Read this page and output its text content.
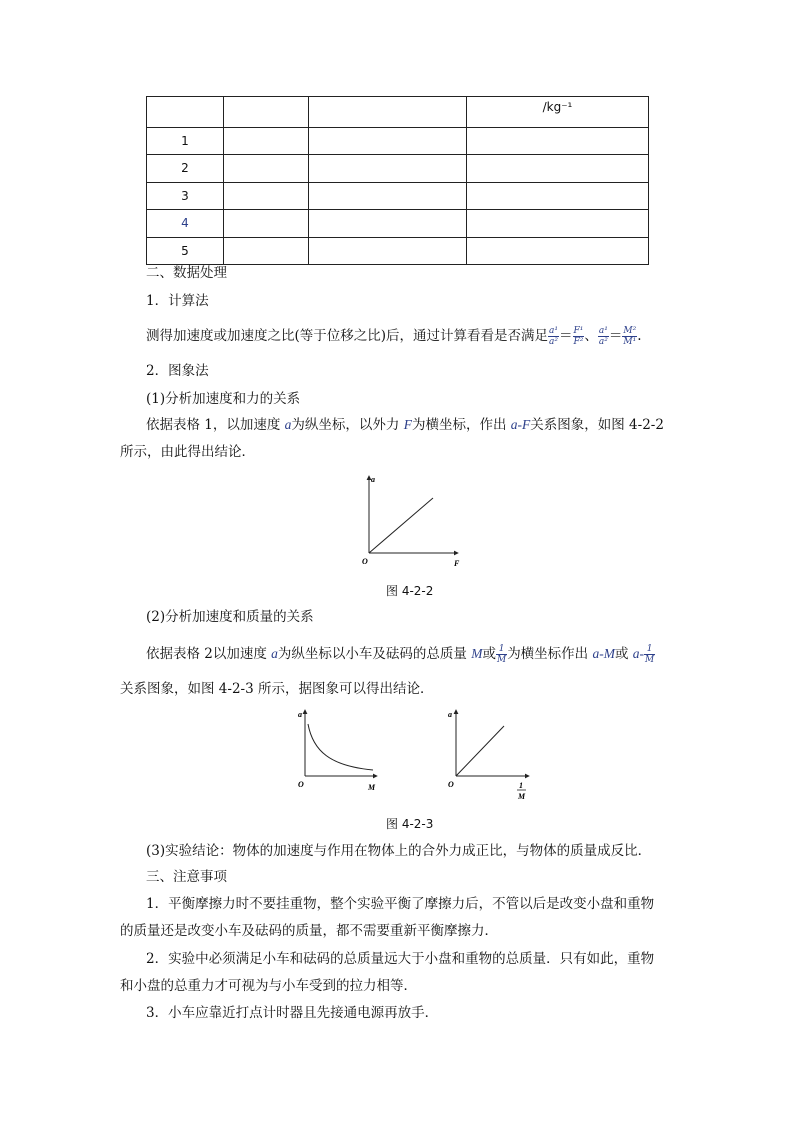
			/kg⁻¹
1			
2			
3			
4			
5			
二、数据处理
1．计算法
测得加速度或加速度之比(等于位移之比)后，通过计算看看是否满足 $\frac{\text{a¹}}{\text{a²}} = \frac{\text{F¹}}{\text{F²}}$ 、 $\frac{\text{a¹}}{\text{a²}} = \frac{\text{M²}}{\text{M¹}}$ .
2．图象法
(1)分析加速度和力的关系
依据表格 1，以加速度 a为纵坐标，以外力 F为横坐标，作出 a-F关系图象，如图 4-2-2
所示，由此得出结论．
a
F
O
图 4-2-2
(2)分析加速度和质量的关系
依据表格 2以加速度 a为纵坐标以小车及砝码的总质量 M或 $\frac{1}{M}$ 为横坐标作出 a-M或 $a- \frac{1}{M}$
关系图象，如图 4-2-3 所示，据图象可以得出结论．
a
M
O
a
O	1
M
图 4-2-3
(3)实验结论：物体的加速度与作用在物体上的合外力成正比，与物体的质量成反比．
三、注意事项
1．平衡摩擦力时不要挂重物，整个实验平衡了摩擦力后，不管以后是改变小盘和重物
的质量还是改变小车及砝码的质量，都不需要重新平衡摩擦力．
2．实验中必须满足小车和砝码的总质量远大于小盘和重物的总质量．只有如此，重物
和小盘的总重力才可视为与小车受到的拉力相等．
3．小车应靠近打点计时器且先接通电源再放手．
